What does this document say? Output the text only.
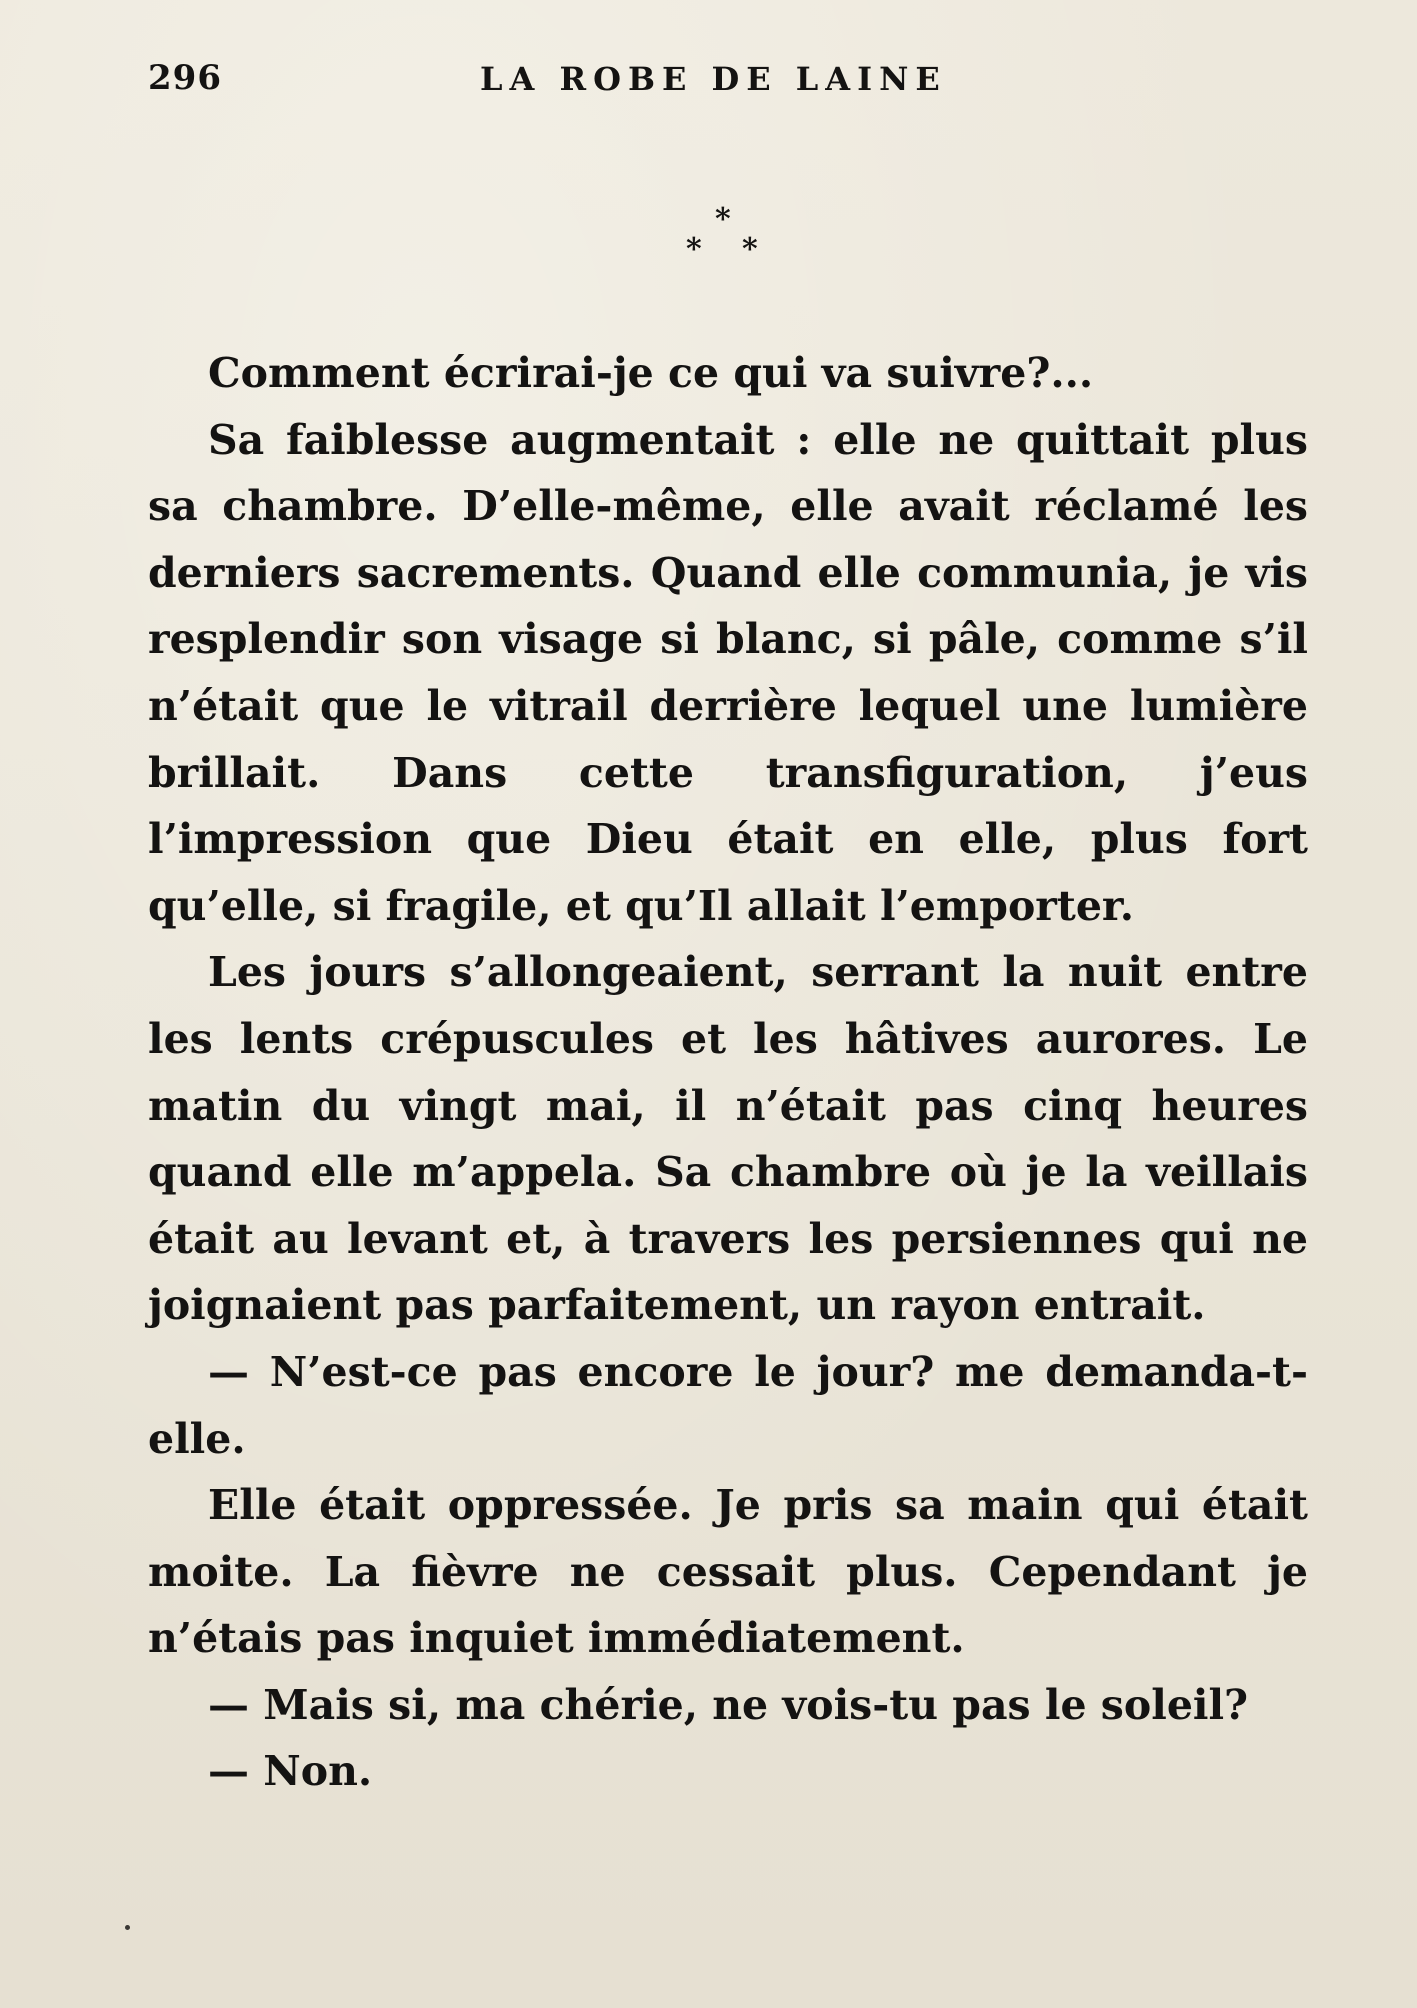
296	LA ROBE DE LAINE
*
* *

Comment écrirai-je ce qui va suivre?...

Sa faiblesse augmentait : elle ne quittait plus sa chambre. D’elle-même, elle avait réclamé les derniers sacrements. Quand elle communia, je vis resplendir son visage si blanc, si pâle, comme s’il n’était que le vitrail derrière lequel une lumière brillait. Dans cette transfiguration, j’eus l’impression que Dieu était en elle, plus fort qu’elle, si fragile, et qu’Il allait l’emporter.

Les jours s’allongeaient, serrant la nuit entre les lents crépuscules et les hâtives aurores. Le matin du vingt mai, il n’était pas cinq heures quand elle m’appela. Sa chambre où je la veillais était au levant et, à travers les persiennes qui ne joignaient pas parfaitement, un rayon entrait.

— N’est-ce pas encore le jour? me demanda-t-elle.

Elle était oppressée. Je pris sa main qui était moite. La fièvre ne cessait plus. Cependant je n’étais pas inquiet immédiatement.

— Mais si, ma chérie, ne vois-tu pas le soleil?

— Non.
